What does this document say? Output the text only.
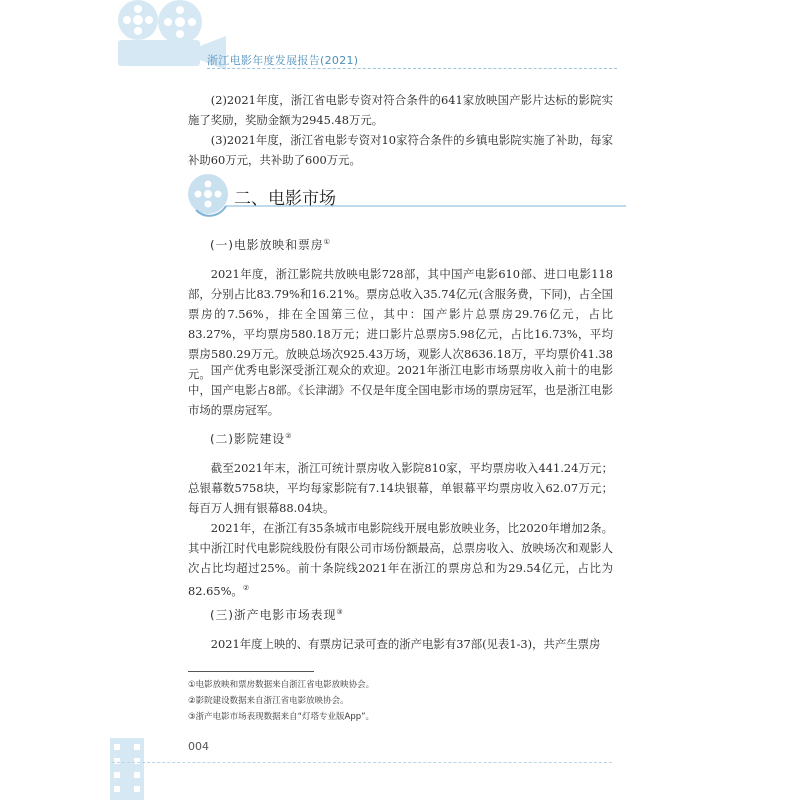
浙江电影年度发展报告(2021)

(2)2021年度，浙江省电影专资对符合条件的641家放映国产影片达标的影院实施了奖励，奖励金额为2945.48万元。

(3)2021年度，浙江省电影专资对10家符合条件的乡镇电影院实施了补助，每家补助60万元，共补助了600万元。

二、电影市场

(一)电影放映和票房①

2021年度，浙江影院共放映电影728部，其中国产电影610部、进口电影118部，分别占比83.79%和16.21%。票房总收入35.74亿元(含服务费，下同)，占全国票房的7.56%，排在全国第三位，其中：国产影片总票房29.76亿元，占比83.27%，平均票房580.18万元；进口影片总票房5.98亿元，占比16.73%，平均票房580.29万元。放映总场次925.43万场，观影人次8636.18万，平均票价41.38元。 国产优秀电影深受浙江观众的欢迎。2021年浙江电影市场票房收入前十的电影中，国产电影占8部。《长津湖》不仅是年度全国电影市场的票房冠军，也是浙江电影市场的票房冠军。

(二)影院建设②

截至2021年末，浙江可统计票房收入影院810家，平均票房收入441.24万元；总银幕数5758块，平均每家影院有7.14块银幕，单银幕平均票房收入62.07万元；每百万人拥有银幕88.04块。

2021年，在浙江有35条城市电影院线开展电影放映业务，比2020年增加2条。其中浙江时代电影院线股份有限公司市场份额最高，总票房收入、放映场次和观影人次占比均超过25%。前十条院线2021年在浙江的票房总和为29.54亿元，占比为82.65%。②

(三)浙产电影市场表现③

2021年度上映的、有票房记录可查的浙产电影有37部(见表1-3)，共产生票房

①电影放映和票房数据来自浙江省电影放映协会。

②影院建设数据来自浙江省电影放映协会。

③浙产电影市场表现数据来自“灯塔专业版App”。

004
